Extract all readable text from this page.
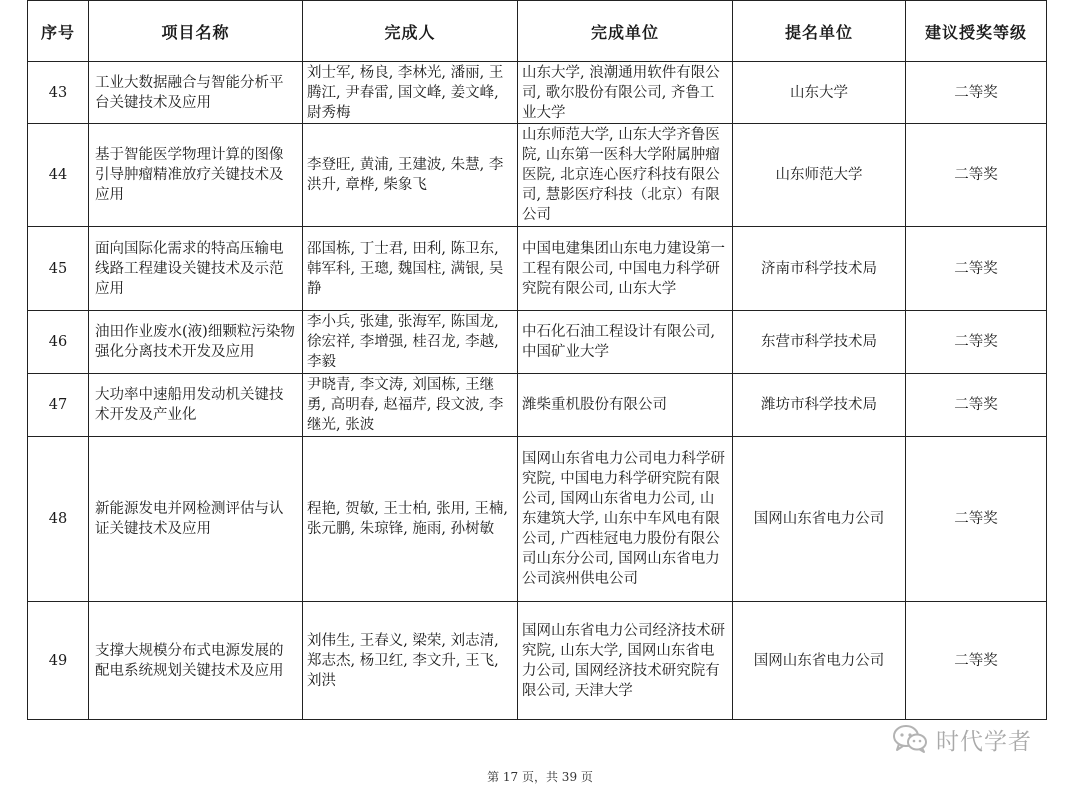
序号	项目名称	完成人	完成单位	提名单位	建议授奖等级
43	工业大数据融合与智能分析平台关键技术及应用	刘士军, 杨良, 李林光, 潘丽, 王腾江, 尹春雷, 国文峰, 姜文峰, 尉秀梅	山东大学, 浪潮通用软件有限公司, 歌尔股份有限公司, 齐鲁工业大学	山东大学	二等奖
44	基于智能医学物理计算的图像引导肿瘤精准放疗关键技术及应用	李登旺, 黄浦, 王建波, 朱慧, 李洪升, 章桦, 柴象飞	山东师范大学, 山东大学齐鲁医院, 山东第一医科大学附属肿瘤医院, 北京连心医疗科技有限公司, 慧影医疗科技（北京）有限公司	山东师范大学	二等奖
45	面向国际化需求的特高压输电线路工程建设关键技术及示范应用	邵国栋, 丁士君, 田利, 陈卫东, 韩军科, 王璁, 魏国柱, 满银, 吴静	中国电建集团山东电力建设第一工程有限公司, 中国电力科学研究院有限公司, 山东大学	济南市科学技术局	二等奖
46	油田作业废水(液)细颗粒污染物强化分离技术开发及应用	李小兵, 张建, 张海军, 陈国龙, 徐宏祥, 李增强, 桂召龙, 李越, 李毅	中石化石油工程设计有限公司, 中国矿业大学	东营市科学技术局	二等奖
47	大功率中速船用发动机关键技术开发及产业化	尹晓青, 李文涛, 刘国栋, 王继勇, 高明春, 赵福芹, 段文波, 李继光, 张波	潍柴重机股份有限公司	潍坊市科学技术局	二等奖
48	新能源发电并网检测评估与认证关键技术及应用	程艳, 贺敏, 王士柏, 张用, 王楠, 张元鹏, 朱琼锋, 施雨, 孙树敏	国网山东省电力公司电力科学研究院, 中国电力科学研究院有限公司, 国网山东省电力公司, 山东建筑大学, 山东中车风电有限公司, 广西桂冠电力股份有限公司山东分公司, 国网山东省电力公司滨州供电公司	国网山东省电力公司	二等奖
49	支撑大规模分布式电源发展的配电系统规划关键技术及应用	刘伟生, 王春义, 梁荣, 刘志清, 郑志杰, 杨卫红, 李文升, 王飞, 刘洪	国网山东省电力公司经济技术研究院, 山东大学, 国网山东省电力公司, 国网经济技术研究院有限公司, 天津大学	国网山东省电力公司	二等奖
时代学者
第 17 页，共 39 页
